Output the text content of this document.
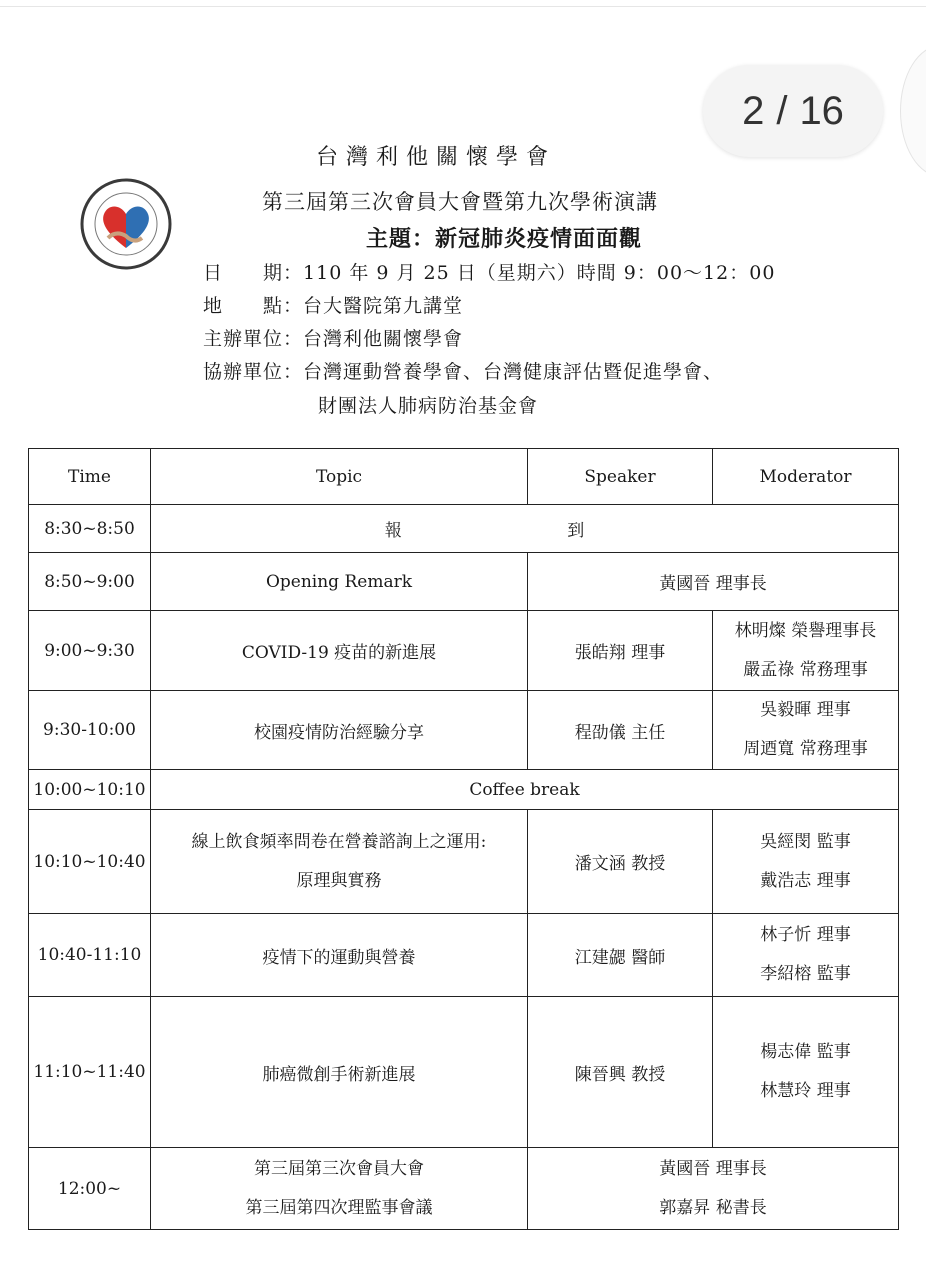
2 / 16
台灣利他關懷學會
第三屆第三次會員大會暨第九次學術演講
主題：新冠肺炎疫情面面觀
日　　期：110 年 9 月 25 日（星期六）時間 9：00～12：00
地　　點：台大醫院第九講堂
主辦單位：台灣利他關懷學會
協辦單位：台灣運動營養學會、台灣健康評估暨促進學會、
財團法人肺病防治基金會
Time	Topic	Speaker	Moderator
8:30~8:50	報 到		
8:50~9:00	Opening Remark	黃國晉 理事長	
9:00~9:30	COVID-19 疫苗的新進展	張皓翔 理事	林明燦 榮譽理事長
嚴孟祿 常務理事

9:30-10:00	校園疫情防治經驗分享	程劭儀 主任	吳毅暉 理事
周迺寬 常務理事

10:00~10:10	Coffee break		
10:10~10:40	線上飲食頻率問卷在營養諮詢上之運用:
原理與實務	潘文涵 教授	吳經閔 監事
戴浩志 理事

10:40-11:10	疫情下的運動與營養	江建勰 醫師	林子忻 理事
李紹榕 監事

11:10~11:40	肺癌微創手術新進展	陳晉興 教授	楊志偉 監事
林慧玲 理事

12:00~	第三屆第三次會員大會
第三屆第四次理監事會議	黃國晉 理事長
郭嘉昇 秘書長	
